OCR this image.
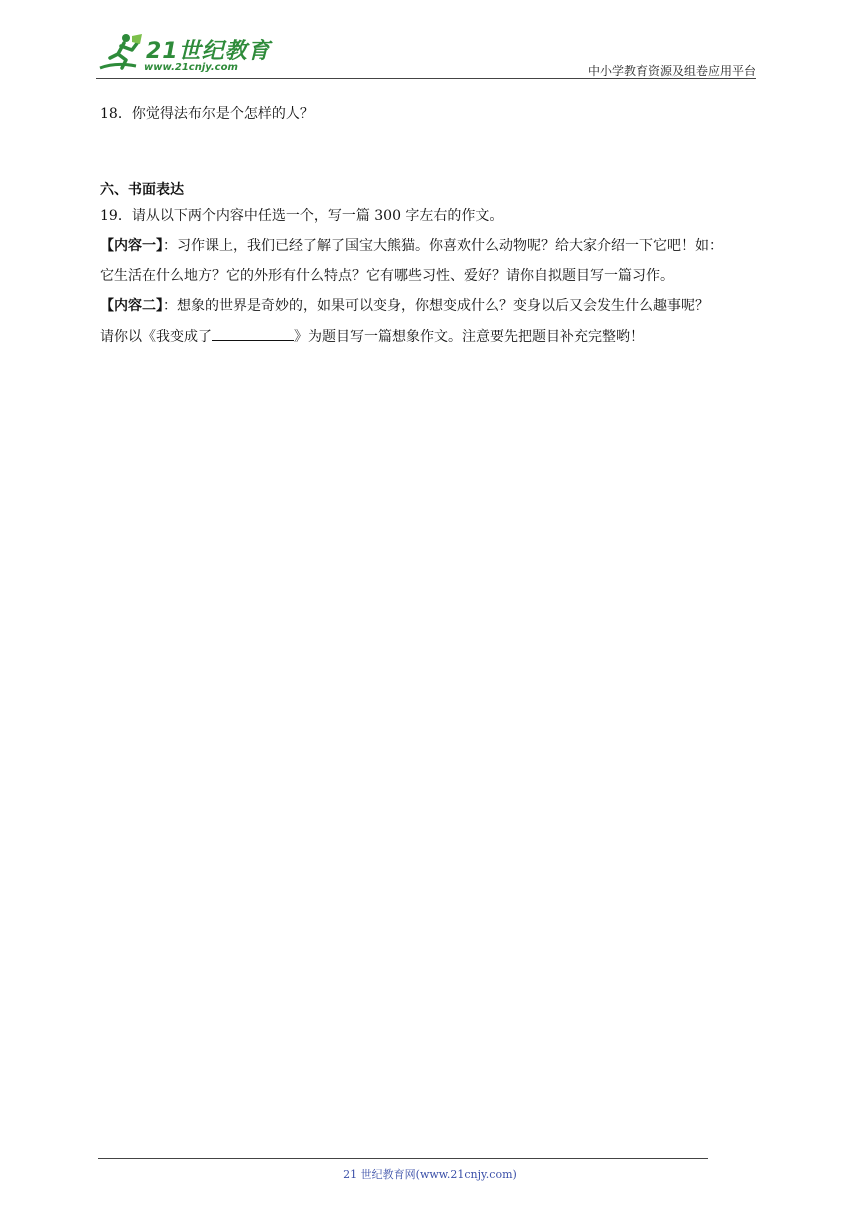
21世纪教育
www.21cnjy.com	中小学教育资源及组卷应用平台

18．你觉得法布尔是个怎样的人？

六、书面表达

19．请从以下两个内容中任选一个，写一篇 300 字左右的作文。

【内容一】：习作课上，我们已经了解了国宝大熊猫。你喜欢什么动物呢？给大家介绍一下它吧！如：

它生活在什么地方？它的外形有什么特点？它有哪些习性、爱好？请你自拟题目写一篇习作。

【内容二】：想象的世界是奇妙的，如果可以变身，你想变成什么？变身以后又会发生什么趣事呢？

请你以《我变成了	》为题目写一篇想象作文。注意要先把题目补充完整哟！

21 世纪教育网(www.21cnjy.com)
